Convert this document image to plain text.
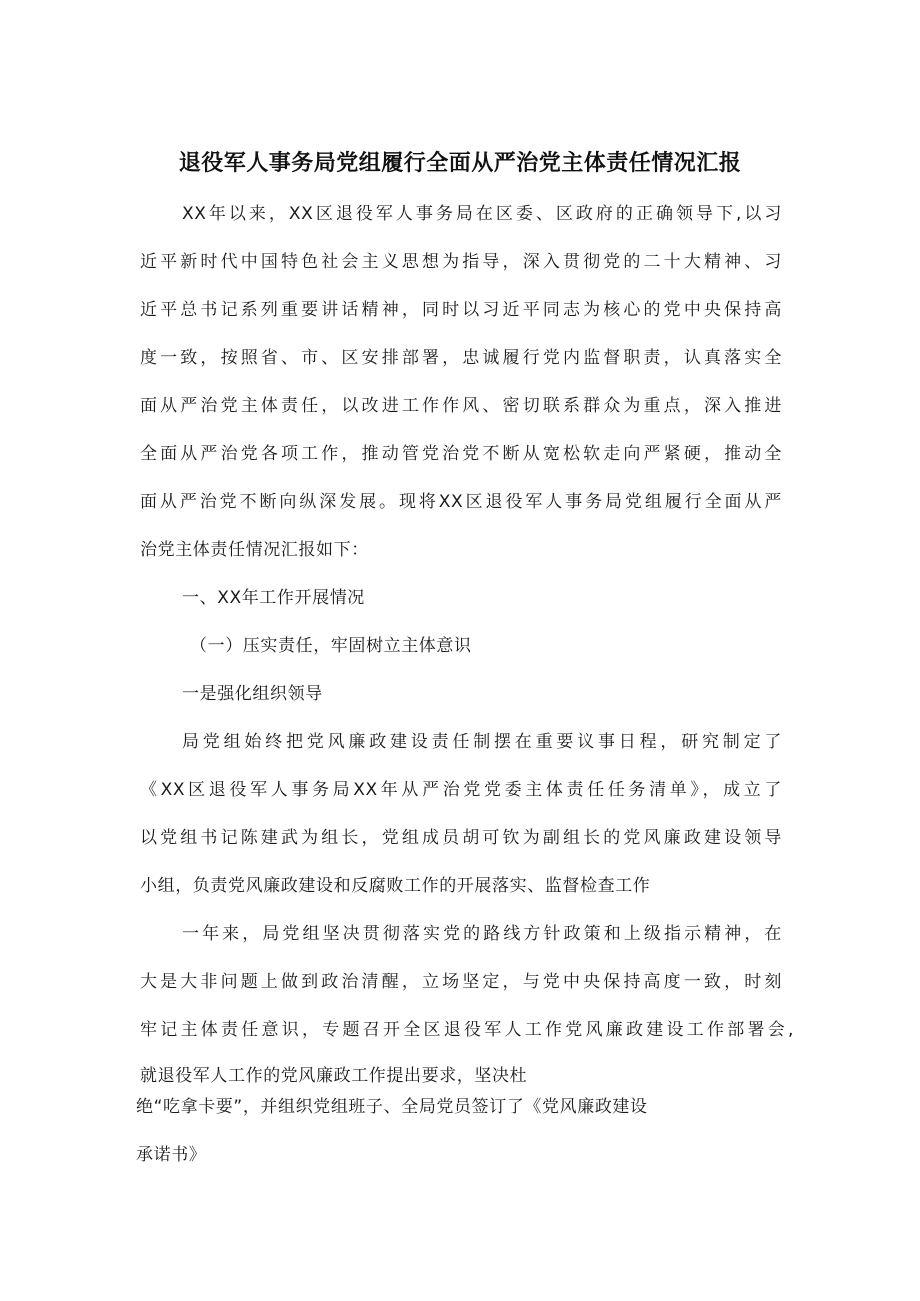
退役军人事务局党组履行全面从严治党主体责任情况汇报
XX年以来，XX区退役军人事务局在区委、区政府的正确领导下,以习
近平新时代中国特色社会主义思想为指导，深入贯彻党的二十大精神、习
近平总书记系列重要讲话精神，同时以习近平同志为核心的党中央保持高
度一致，按照省、市、区安排部署，忠诚履行党内监督职责，认真落实全
面从严治党主体责任，以改进工作作风、密切联系群众为重点，深入推进
全面从严治党各项工作，推动管党治党不断从宽松软走向严紧硬，推动全
面从严治党不断向纵深发展。现将XX区退役军人事务局党组履行全面从严
治党主体责任情况汇报如下：
一、XX年工作开展情况
（一）压实责任，牢固树立主体意识
一是强化组织领导
局党组始终把党风廉政建设责任制摆在重要议事日程，研究制定了
《XX区退役军人事务局XX年从严治党党委主体责任任务清单》，成立了
以党组书记陈建武为组长，党组成员胡可钦为副组长的党风廉政建设领导
小组，负责党风廉政建设和反腐败工作的开展落实、监督检查工作
一年来，局党组坚决贯彻落实党的路线方针政策和上级指示精神，在
大是大非问题上做到政治清醒，立场坚定，与党中央保持高度一致，时刻
牢记主体责任意识，专题召开全区退役军人工作党风廉政建设工作部署会,
就退役军人工作的党风廉政工作提出要求，坚决杜
绝“吃拿卡要”，并组织党组班子、全局党员签订了《党风廉政建设
承诺书》
